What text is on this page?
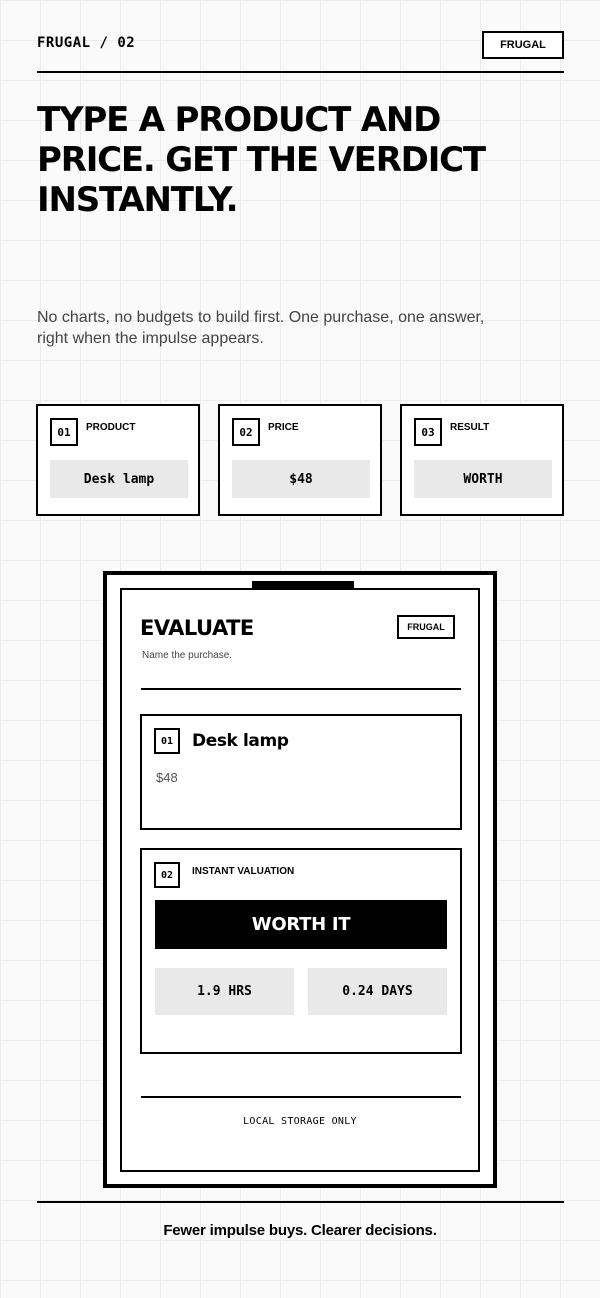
FRUGAL / 02	FRUGAL
TYPE A PRODUCT AND PRICE. GET THE VERDICT INSTANTLY.

No charts, no budgets to build first. One purchase, one answer, right when the impulse appears.

01	PRODUCT
Desk lamp
02	PRICE
$48
03	RESULT
WORTH
EVALUATE
Name the purchase.
FRUGAL
01	Desk lamp
$48
02	INSTANT VALUATION
WORTH IT
1.9 HRS	0.24 DAYS
LOCAL STORAGE ONLY
Fewer impulse buys. Clearer decisions.
